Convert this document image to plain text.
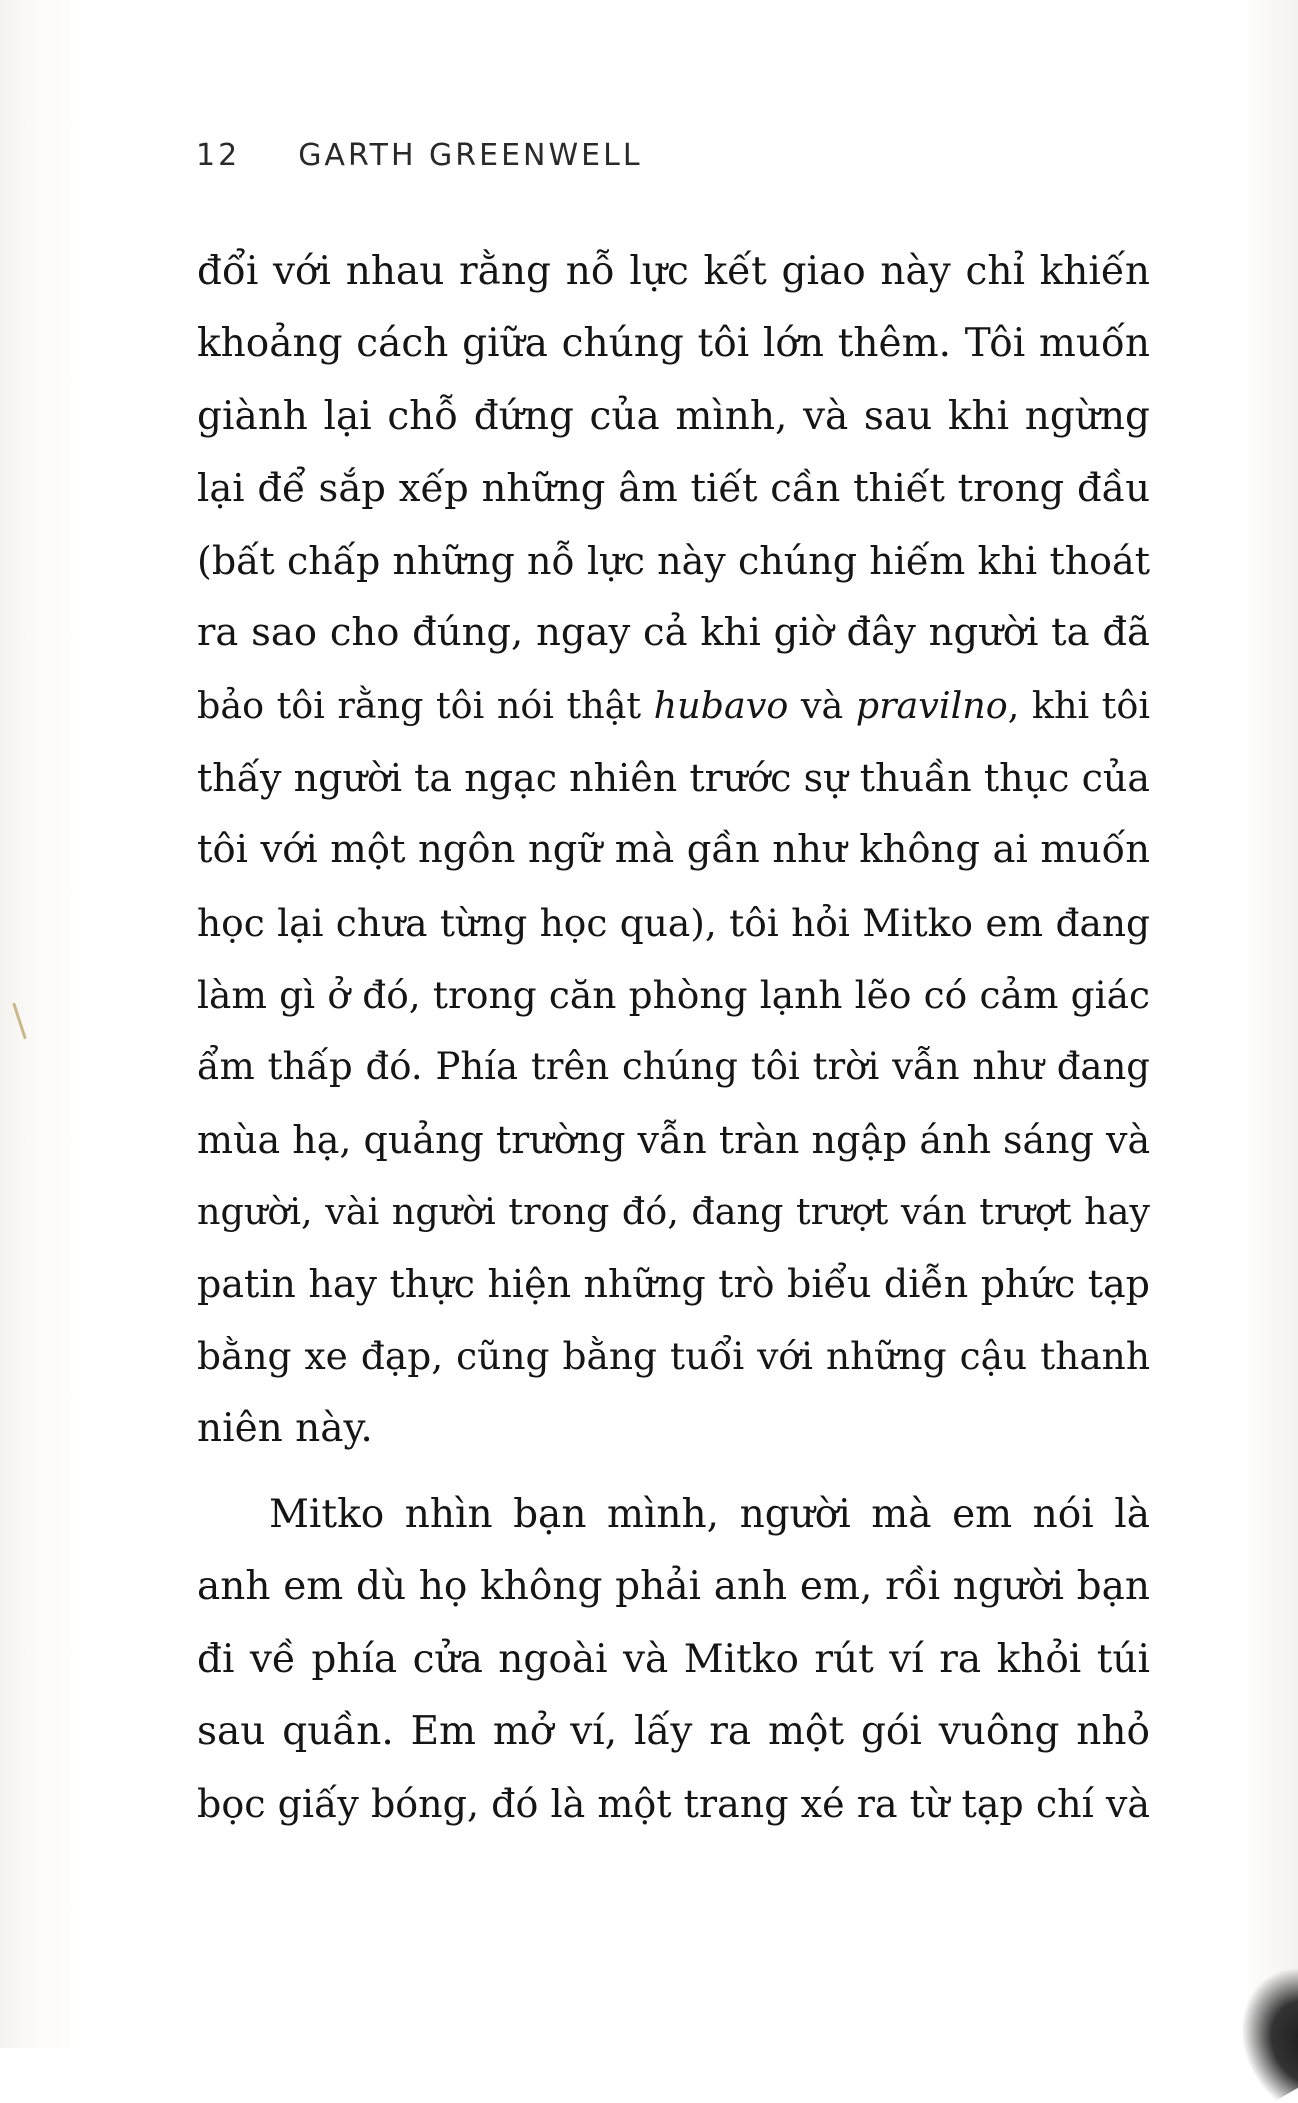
12 GARTH GREENWELL
đổi với nhau rằng nỗ lực kết giao này chỉ khiến
khoảng cách giữa chúng tôi lớn thêm. Tôi muốn
giành lại chỗ đứng của mình, và sau khi ngừng
lại để sắp xếp những âm tiết cần thiết trong đầu
(bất chấp những nỗ lực này chúng hiếm khi thoát
ra sao cho đúng, ngay cả khi giờ đây người ta đã
bảo tôi rằng tôi nói thật hubavo và pravilno, khi tôi
thấy người ta ngạc nhiên trước sự thuần thục của
tôi với một ngôn ngữ mà gần như không ai muốn
học lại chưa từng học qua), tôi hỏi Mitko em đang
làm gì ở đó, trong căn phòng lạnh lẽo có cảm giác
ẩm thấp đó. Phía trên chúng tôi trời vẫn như đang
mùa hạ, quảng trường vẫn tràn ngập ánh sáng và
người, vài người trong đó, đang trượt ván trượt hay
patin hay thực hiện những trò biểu diễn phức tạp
bằng xe đạp, cũng bằng tuổi với những cậu thanh
niên này.
Mitko nhìn bạn mình, người mà em nói là
anh em dù họ không phải anh em, rồi người bạn
đi về phía cửa ngoài và Mitko rút ví ra khỏi túi
sau quần. Em mở ví, lấy ra một gói vuông nhỏ
bọc giấy bóng, đó là một trang xé ra từ tạp chí và
